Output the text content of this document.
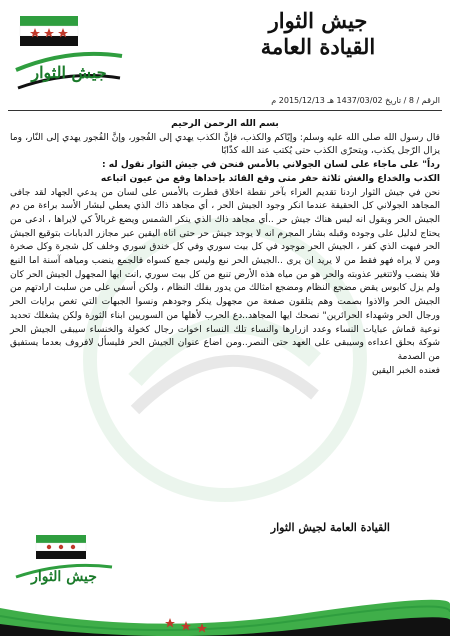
جيش الثوار
القيادة العامة
جيش الثوار
الرقم / 8 / تاريخ 1437/03/02 هـ 2015/12/13 م

بسم الله الرحمن الرحيم

قال رسول الله صلى الله عليه وسلم: وإيّاكم والكذب، فإنَّ الكذب يهدي إلى الفُجور، وإنَّ الفُجور يهدي إلى النّار، وما يزال الرّجل يكذب، ويتحرّى الكذب حتى يُكتب عند الله كذّابًا

رداً" على ماجاء على لسان الجولاني بالأمس فنحن في جيش الثوار نقول له :

الكذب والخداع والغش ثلاثة حفر متى وقع القائد بإحداها وقع من عيون اتباعه

نحن في جيش الثوار اردنا تقديم العزاء بآخر نقطة اخلاق قطرت بالأمس على لسان من يدعي الجهاد لقد جافى المجاهد الجولاني كل الحقيقة عندما انكر وجود الجيش الحر ، أي مجاهد ذاك الذي يعطي لبشار الأسد براءة من دم الجيش الحر ويقول انه ليس هناك جيش حر ..أي مجاهد ذاك الذي ينكر الشمس ويضع غربالاً كي لايراها ، ادعى من يحتاج لدليل على وجوده وقبله بشار المجرم انه لا يوجد جيش حر حتى اتاه اليقين عبر مجازر الدبابات بتوقيع الجيش الحر فبهت الذي كفر ، الجيش الحر موجود في كل بيت سوري وفي كل خندق سوري وخلف كل شجرة وكل صخرة ومن لا يراه فهو فقط من لا يريد ان يرى ..الجيش الحر نبع وليس جمع كسواه فالجمع ينضب ومياهه آسنة اما النبع فلا ينضب ولاتتغير عذوبته والحر هو من مياه هذه الأرض تنبع من كل بيت سوري ,انت ايها المجهول الجيش الحر كان ولم يزل كابوس يقض مضجع النظام ومضجع امثالك من يدور بفلك النظام ، ولكن أسفي على من سلبت ارادتهم من الجيش الحر والاذوا بصمت وهم يتلقون صفعة من مجهول ينكر وجودهم ونسوا الجبهات التي تغص برايات الحر ورجال الحر وشهداء الحرائرين" نصحك ايها المجاهد..دع الحرب لأهلها من السوريين ابناء الثورة ولكن يشغلك تحديد نوعية قماش عبايات النساء وعدد ازرارها والنساء تلك النساء اخوات رجال كخولة والخنساء سيبقى الجيش الحر شوكة بحلق اعداءه وسيبقى على العهد حتى النصر..ومن اضاع عنوان الجيش الحر فليسأل لافروف بعدما يستفيق من الصدمة

فعنده الخبر اليقين

القيادة العامة لجيش الثوار
جيش الثوار
